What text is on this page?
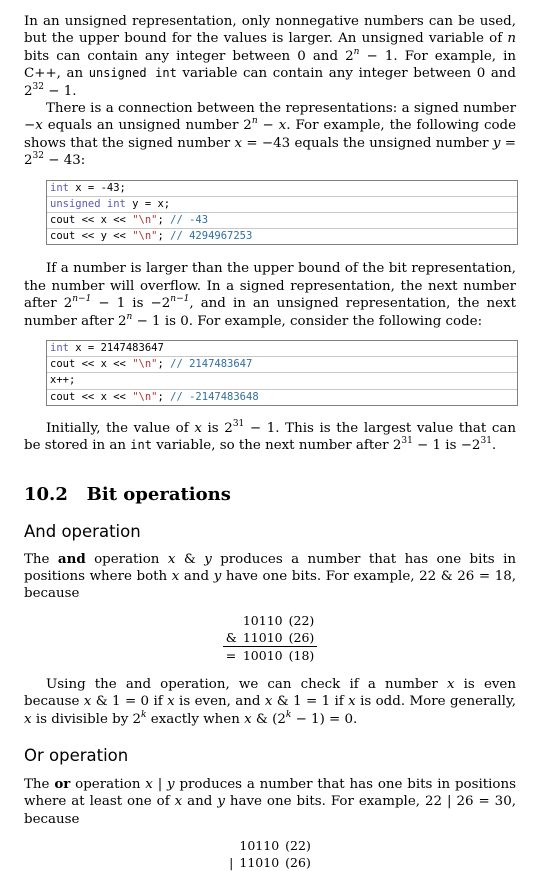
In an unsigned representation, only nonnegative numbers can be used, but the upper bound for the values is larger. An unsigned variable of n bits can contain any integer between 0 and $2^n - 1$. For example, in C++, an unsigned int variable can contain any integer between 0 and $2^{32} - 1$.

There is a connection between the representations: a signed number −x equals an unsigned number $2^n - x$. For example, the following code shows that the signed number x = −43 equals the unsigned number $y = 2^{32} - 43$:

int x = -43;
unsigned int y = x;
cout << x << "\n"; // -43
cout << y << "\n"; // 4294967253

If a number is larger than the upper bound of the bit representation, the number will overflow. In a signed representation, the next number after $2^{n-1} - 1$ is $-2^{n-1}$, and in an unsigned representation, the next number after $2^n - 1$ is 0. For example, consider the following code:

int x = 2147483647
cout << x << "\n"; // 2147483647
x++;
cout << x << "\n"; // -2147483648

Initially, the value of x is $2^{31} - 1$. This is the largest value that can be stored in an int variable, so the next number after $2^{31} - 1$ is $-2^{31}$.

10.2 Bit operations
And operation

The and operation x & y produces a number that has one bits in positions where both x and y have one bits. For example, 22 & 26 = 18, because

	10110	(22)
&	11010	(26)
=	10010	(18)

Using the and operation, we can check if a number x is even because x & 1 = 0 if x is even, and x & 1 = 1 if x is odd. More generally, x is divisible by 2$^k$ exactly when x & $(2^k - 1) = 0$.

Or operation

The or operation x | y produces a number that has one bits in positions where at least one of x and y have one bits. For example, 22 | 26 = 30, because

	10110	(22)
|	11010	(26)
